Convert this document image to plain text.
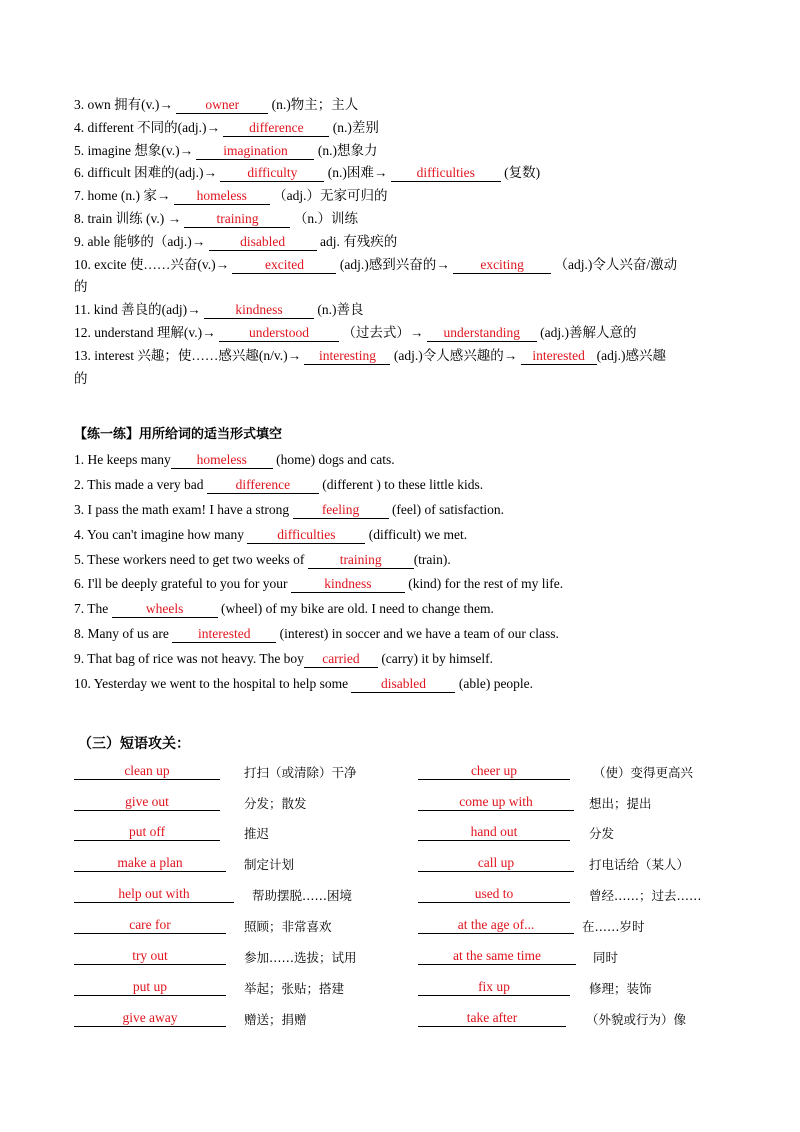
3. own 拥有(v.)→ owner (n.)物主；主人
4. different 不同的(adj.)→ difference (n.)差别
5. imagine 想象(v.)→ imagination (n.)想象力
6. difficult 困难的(adj.)→ difficulty (n.)困难→ difficulties (复数)
7. home (n.) 家→ homeless （adj.）无家可归的
8. train 训练 (v.) → training （n.）训练
9. able 能够的（adj.)→ disabled adj. 有残疾的
10. excite 使……兴奋(v.)→ excited (adj.)感到兴奋的→ exciting （adj.)令人兴奋/激动
的
11. kind 善良的(adj)→ kindness (n.)善良
12. understand 理解(v.)→ understood （过去式）→ understanding (adj.)善解人意的
13. interest 兴趣；使……感兴趣(n/v.)→ interesting (adj.)令人感兴趣的→ interested (adj.)感兴趣
的
【练一练】用所给词的适当形式填空
1. He keeps many homeless (home) dogs and cats.
2. This made a very bad difference (different ) to these little kids.
3. I pass the math exam! I have a strong feeling (feel) of satisfaction.
4. You can't imagine how many difficulties (difficult) we met.
5. These workers need to get two weeks of training (train).
6. I'll be deeply grateful to you for your kindness (kind) for the rest of my life.
7. The	wheels	(wheel) of my bike are old. I need to change them.
8. Many of us are interested (interest) in soccer and we have a team of our class.
9. That bag of rice was not heavy. The boy carried (carry) it by himself.
10. Yesterday we went to the hospital to help some disabled (able) people.
（三）短语攻关：
clean up	打扫（或清除）干净	cheer up	（使）变得更高兴
give out	分发；散发	come up with	想出；提出
put off	推迟	hand out	分发
make a plan	制定计划	call up	打电话给（某人）
help out with	帮助摆脱……困境	used to	曾经……；过去……
care for	照顾；非常喜欢	at the age of...	在……岁时
try out	参加……选拔；试用	at the same time	同时
put up	举起；张贴；搭建	fix up	修理；装饰
give away	赠送；捐赠	take after	（外貌或行为）像
